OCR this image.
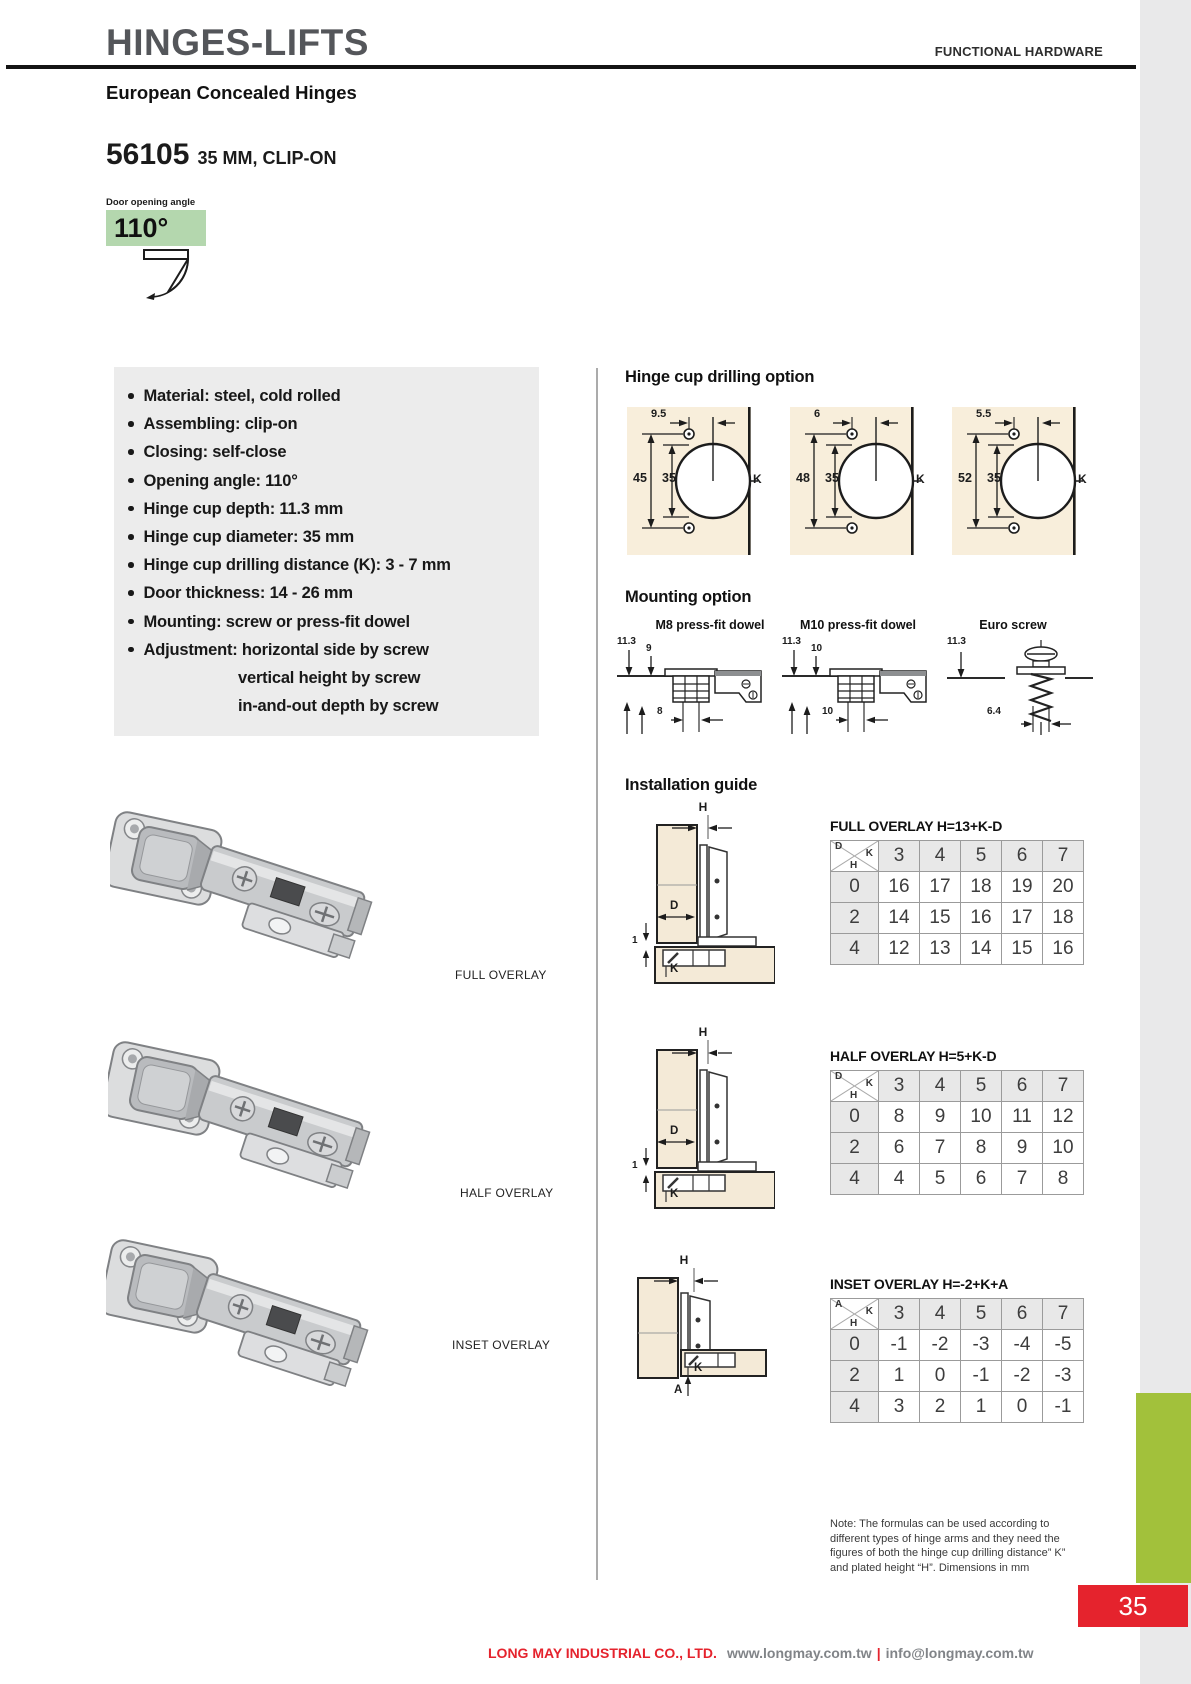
HINGES-LIFTS	FUNCTIONAL HARDWARE
European Concealed Hinges
56105 35 MM, CLIP-ON
Door opening angle
110°
Material: steel, cold rolled
Assembling: clip-on
Closing: self-close
Opening angle: 110°
Hinge cup depth: 11.3 mm
Hinge cup diameter: 35 mm
Hinge cup drilling distance (K): 3 - 7 mm
Door thickness: 14 - 26 mm
Mounting: screw or press-fit dowel
Adjustment: horizontal side by screw
vertical height by screw
in-and-out depth by screw
Hinge cup drilling option
9.5
45 35	K
6
48 35	K
5.5
52 35	K
Mounting option
M8 press-fit dowel	M10 press-fit dowel	Euro screw
11.3
9
8
11.3
10
10
11.3
6.4
Installation guide
H
D
1
K
FULL OVERLAY H=13+K-D
D
K
H	3	4	5	6	7
0	16	17	18	19	20
2	14	15	16	17	18
4	12	13	14	15	16
H
D
1
K
HALF OVERLAY H=5+K-D
D
K
H	3	4	5	6	7
0	8	9	10	11	12
2	6	7	8	9	10
4	4	5	6	7	8
H
K
A
INSET OVERLAY H=-2+K+A
A
K
H	3	4	5	6	7
0	-1	-2	-3	-4	-5
2	1	0	-1	-2	-3
4	3	2	1	0	-1
Note: The formulas can be used according to different types of hinge arms and they need the figures of both the hinge cup drilling distance” K” and plated height “H”. Dimensions in mm
FULL OVERLAY
HALF OVERLAY
INSET OVERLAY
LONG MAY INDUSTRIAL CO., LTD. www.longmay.com.tw | info@longmay.com.tw
35
